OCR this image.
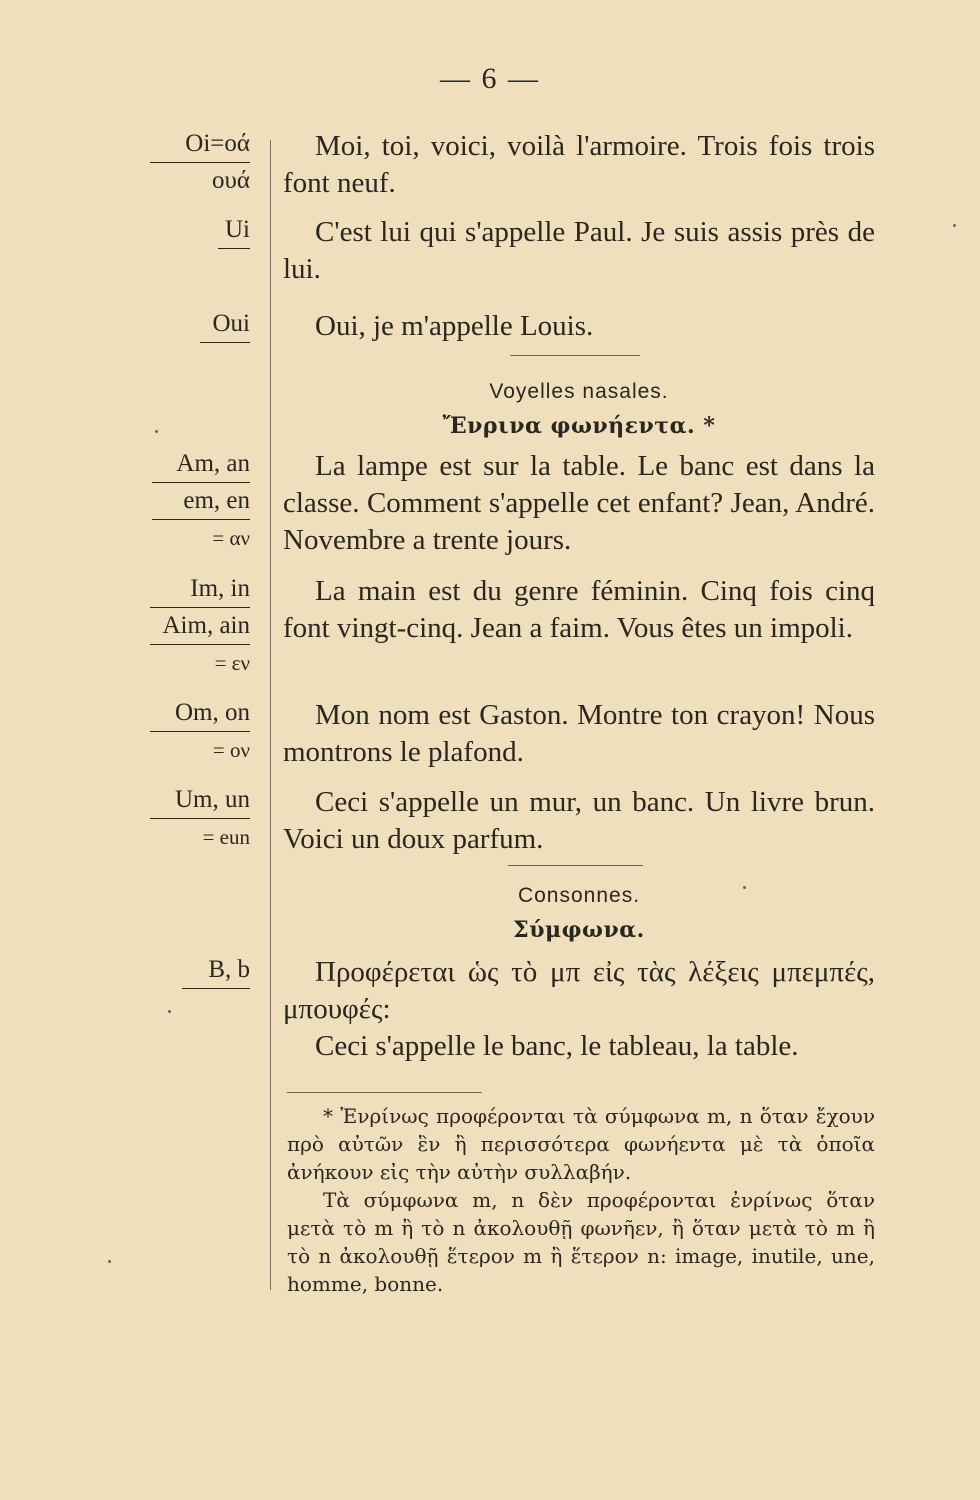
— 6 —
Oi=οά
ουά
Ui
Oui
Am, an
em, en
= αν
Im, in
Aim, ain
= εν
Om, on
= ον
Um, un
= eun
B, b
Moi, toi, voici, voilà l'armoire. Trois fois trois font neuf.
C'est lui qui s'appelle Paul. Je suis assis près de lui.
Oui, je m'appelle Louis.
Voyelles nasales.
Ἔνρινα φωνήεντα. *
La lampe est sur la table. Le banc est dans la classe. Comment s'appelle cet enfant? Jean, André. Novembre a trente jours.
La main est du genre féminin. Cinq fois cinq font vingt-cinq. Jean a faim. Vous êtes un impoli.
Mon nom est Gaston. Montre ton crayon! Nous montrons le plafond.
Ceci s'appelle un mur, un banc. Un livre brun. Voici un doux parfum.
Consonnes.
Σύμφωνα.
Προφέρεται ὡς τὸ μπ εἰς τὰς λέξεις μπεμπές, μπουφές:
Ceci s'appelle le banc, le tableau, la table.
* Ἐνρίνως προφέρονται τὰ σύμφωνα m, n ὅταν ἔχουν πρὸ αὐτῶν ἓν ἢ περισσότερα φωνήεντα μὲ τὰ ὁποῖα ἀνήκουν εἰς τὴν αὐτὴν συλλαβήν.
Τὰ σύμφωνα m, n δὲν προφέρονται ἐνρίνως ὅταν μετὰ τὸ m ἢ τὸ n ἀκολουθῇ φωνῆεν, ἢ ὅταν μετὰ τὸ m ἢ τὸ n ἀκολουθῇ ἕτερον m ἢ ἕτερον n: image, inutile, une, homme, bonne.
